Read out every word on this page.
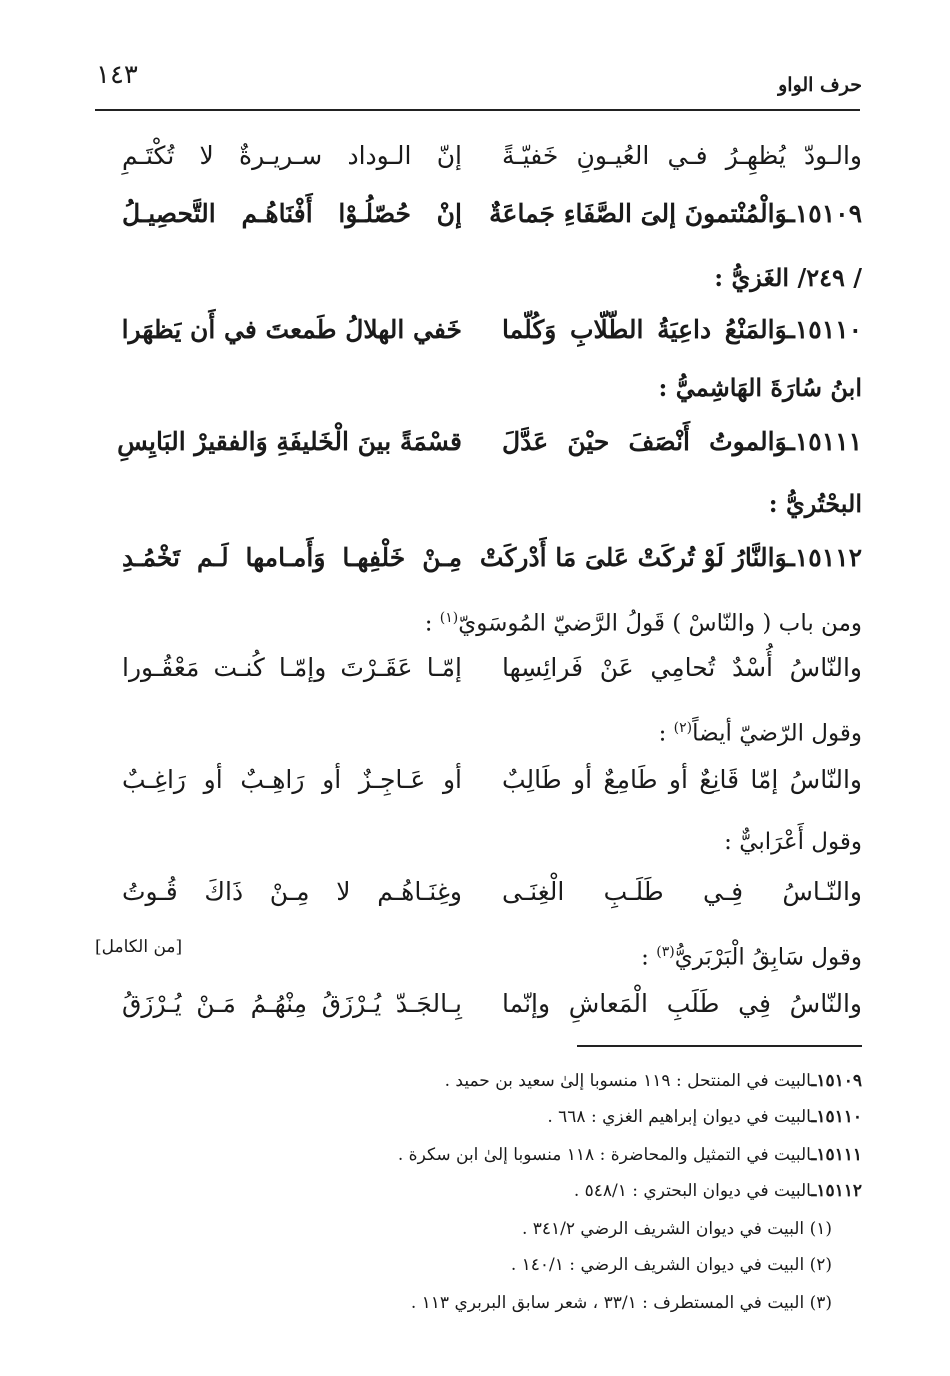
حرف الواو
١٤٣
والـودّ يُظهِـرُ فـي العُيـونِ خَفيّـةً
إنّ الـوداد سـريـرةٌ لا تُكْتَـمِ
١٥١٠٩ـوَالْمُنْتمونَ إلىَ الصَّفَاءِ جَماعَةٌ
إنْ حُصّلُـوْا أَفْنَاهُـم التَّحصِيـلُ
/ ٢٤٩/ الغَزيُّ :
١٥١١٠ـوَالمَنْعُ داعِيَةُ الطّلّابِ وَكُلّما
خَفي الهلالُ طَمعتَ في أَن يَظهَرا
ابنُ سُارَةَ الهَاشِميُّ :
١٥١١١ـوَالموتُ أَنْصَفَ حيْنَ عَدَّلَ
قسْمَةً بينَ الْخَليفَةِ وَالفقيرْ البَايِسِ
البحْتُريُّ :
١٥١١٢ـوَالنَّارُ لَوْ تُركَتْ عَلىَ مَا أَدْركَتْ
مِـنْ خَلْفِهـا وَأَمـامها لَـم تَخْمُـدِ
ومن باب ( والنّاسْ ) قَولُ الرَّضيّ المُوسَويّ$^{(١)}$ :
والنّاسُ أُسْدٌ تُحامِي عَنْ فَرائِسِها
إمّـا عَقَـرْتَ وإمّـا كُنـت مَعْقُـورا
وقول الرّضيّ أيضاً$^{(٢)}$ :
والنّاسُ إمّا قَانِعٌ أو طَامِعٌ أو طَالِبٌ
أو عَـاجِـزٌ أو رَاهِـبٌ أو رَاغِـبٌ
وقول أَعْرَابيٌّ :
والنّـاسُ فِـي طَلَـبِ الْغِنَـى
وغِنَـاهُـم لا مِـنْ ذَاكَ قُـوتُ
وقول سَابِقُ الْبَرْبَريُّ$^{(٣)}$ :
[من الكامل]
والنّاسُ فِي طَلَبِ الْمَعاشِ وإنّما
بِـالجَـدّ يُـرْزَقُ مِنْهُـمُ مَـنْ يُـرْزَقُ
١٥١٠٩ـالبيت في المنتحل : ١١٩ منسوبا إلىٰ سعيد بن حميد .
١٥١١٠ـالبيت في ديوان إبراهيم الغزي : ٦٦٨ .
١٥١١١ـالبيت في التمثيل والمحاضرة : ١١٨ منسوبا إلىٰ ابن سكرة .
١٥١١٢ـالبيت في ديوان البحتري : ٥٤٨/١ .
(١) البيت في ديوان الشريف الرضي ٣٤١/٢ .
(٢) البيت في ديوان الشريف الرضي : ١٤٠/١ .
(٣) البيت في المستطرف : ٣٣/١ ، شعر سابق البربري ١١٣ .
